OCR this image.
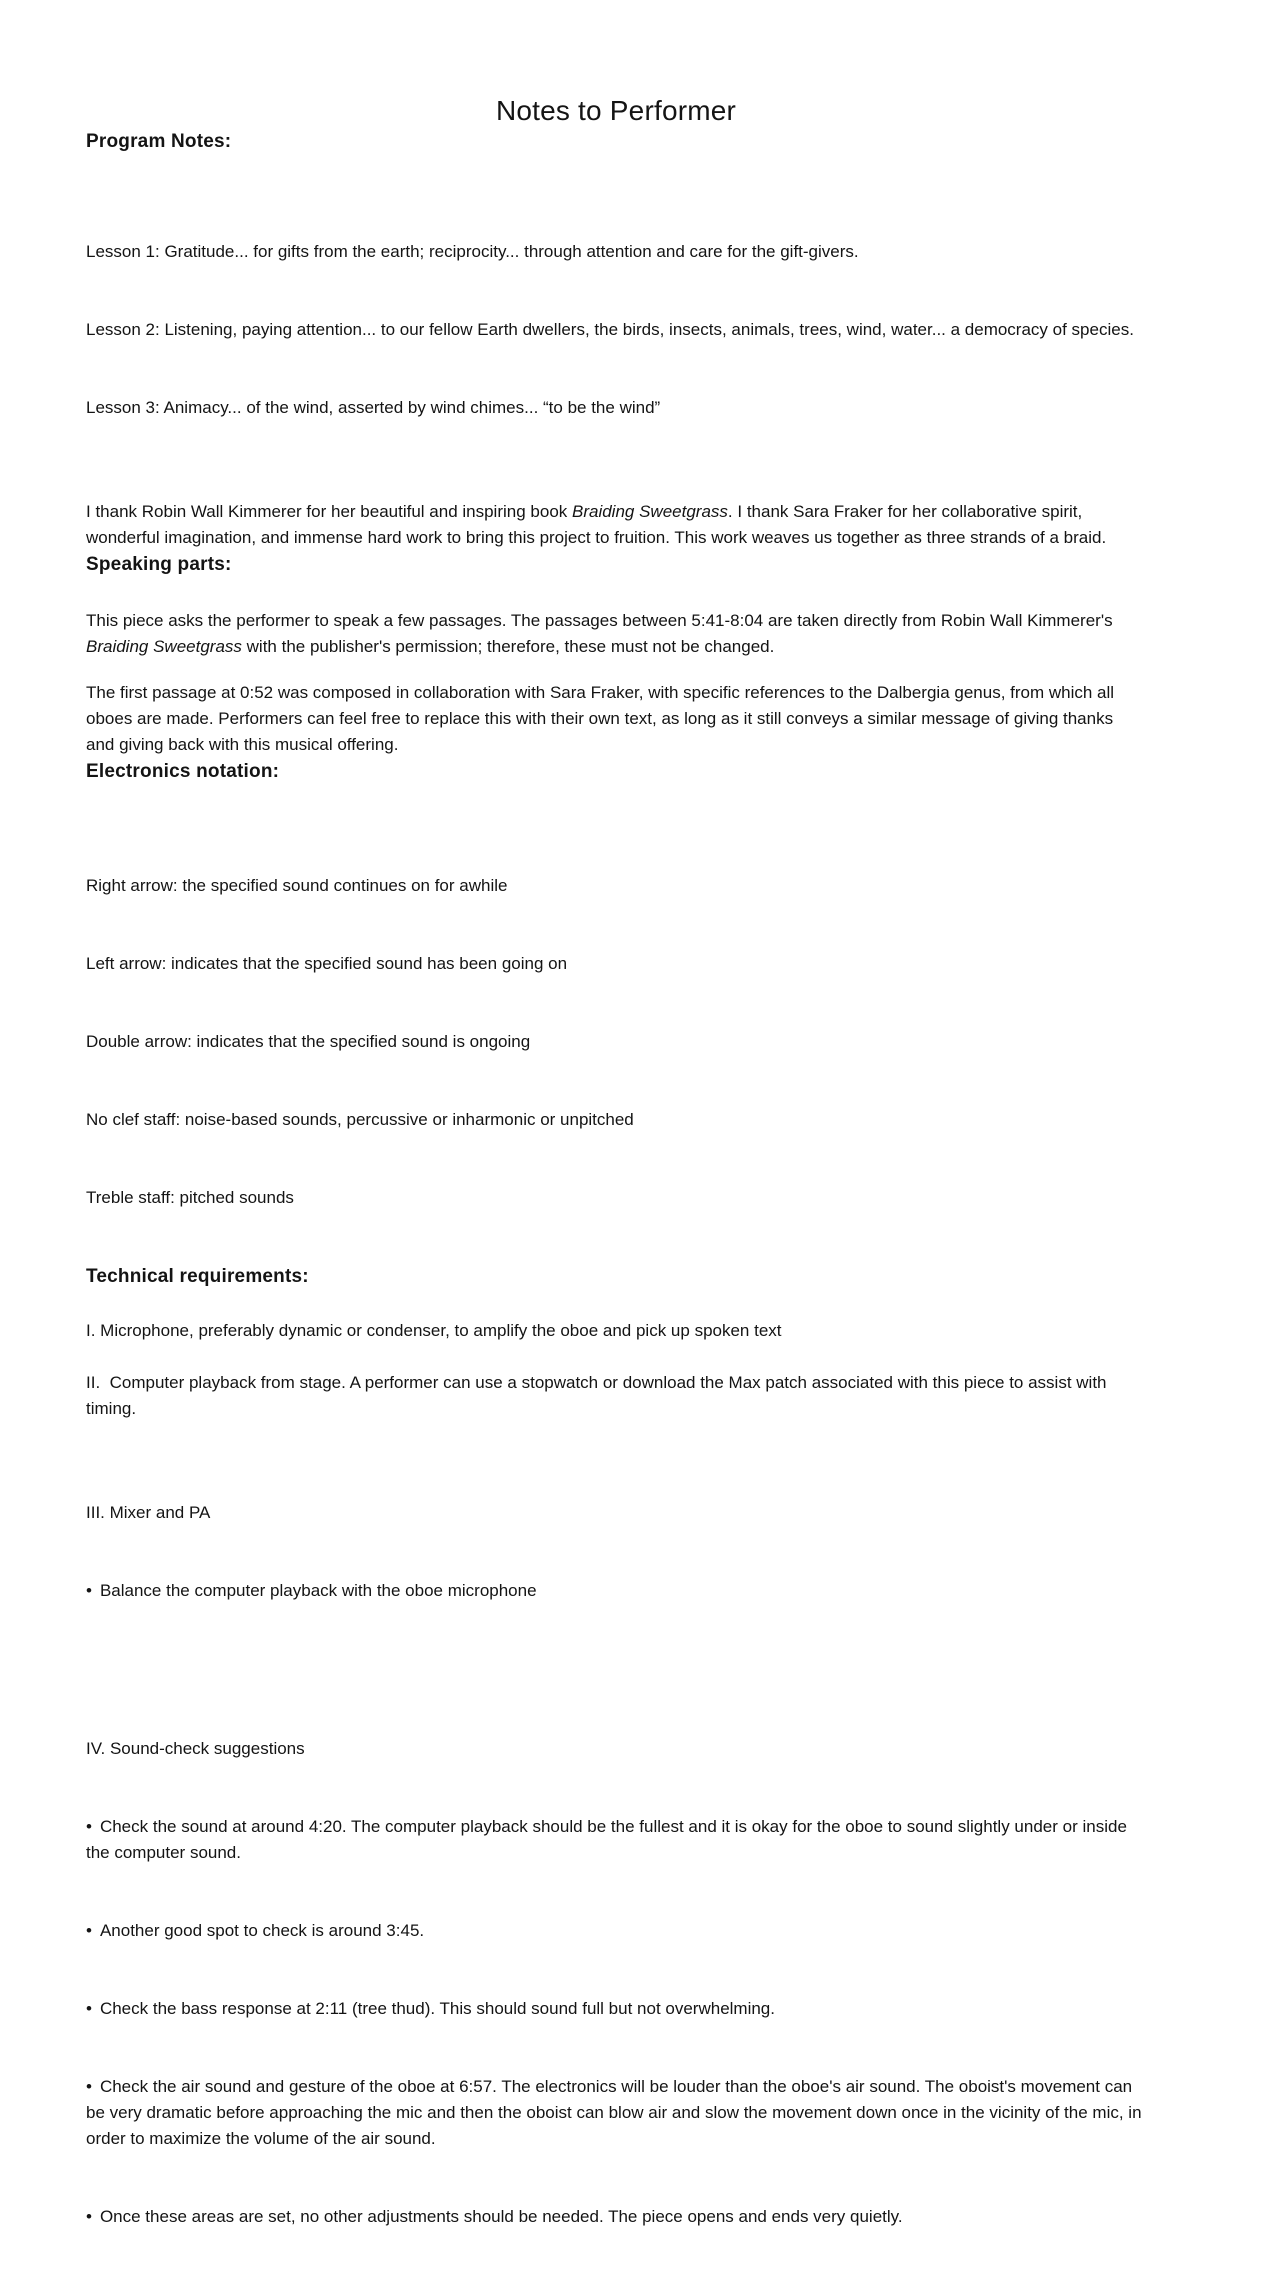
Notes to Performer
Program Notes:

Lesson 1: Gratitude... for gifts from the earth; reciprocity... through attention and care for the gift-givers.

Lesson 2: Listening, paying attention... to our fellow Earth dwellers, the birds, insects, animals, trees, wind, water... a democracy of species.

Lesson 3: Animacy... of the wind, asserted by wind chimes... “to be the wind”

I thank Robin Wall Kimmerer for her beautiful and inspiring book Braiding Sweetgrass. I thank Sara Fraker for her collaborative spirit, wonderful imagination, and immense hard work to bring this project to fruition. This work weaves us together as three strands of a braid.

Speaking parts:

This piece asks the performer to speak a few passages. The passages between 5:41-8:04 are taken directly from Robin Wall Kimmerer's Braiding Sweetgrass with the publisher's permission; therefore, these must not be changed.

The first passage at 0:52 was composed in collaboration with Sara Fraker, with specific references to the Dalbergia genus, from which all oboes are made. Performers can feel free to replace this with their own text, as long as it still conveys a similar message of giving thanks and giving back with this musical offering.

Electronics notation:

Right arrow: the specified sound continues on for awhile

Left arrow: indicates that the specified sound has been going on

Double arrow: indicates that the specified sound is ongoing

No clef staff: noise-based sounds, percussive or inharmonic or unpitched

Treble staff: pitched sounds

Technical requirements:

I. Microphone, preferably dynamic or condenser, to amplify the oboe and pick up spoken text

II.  Computer playback from stage. A performer can use a stopwatch or download the Max patch associated with this piece to assist with timing.

III. Mixer and PA

• Balance the computer playback with the oboe microphone

IV. Sound-check suggestions

• Check the sound at around 4:20. The computer playback should be the fullest and it is okay for the oboe to sound slightly under or inside the computer sound.

• Another good spot to check is around 3:45.

• Check the bass response at 2:11 (tree thud). This should sound full but not overwhelming.

• Check the air sound and gesture of the oboe at 6:57. The electronics will be louder than the oboe's air sound. The oboist's movement can be very dramatic before approaching the mic and then the oboist can blow air and slow the movement down once in the vicinity of the mic, in order to maximize the volume of the air sound.

• Once these areas are set, no other adjustments should be needed. The piece opens and ends very quietly.
